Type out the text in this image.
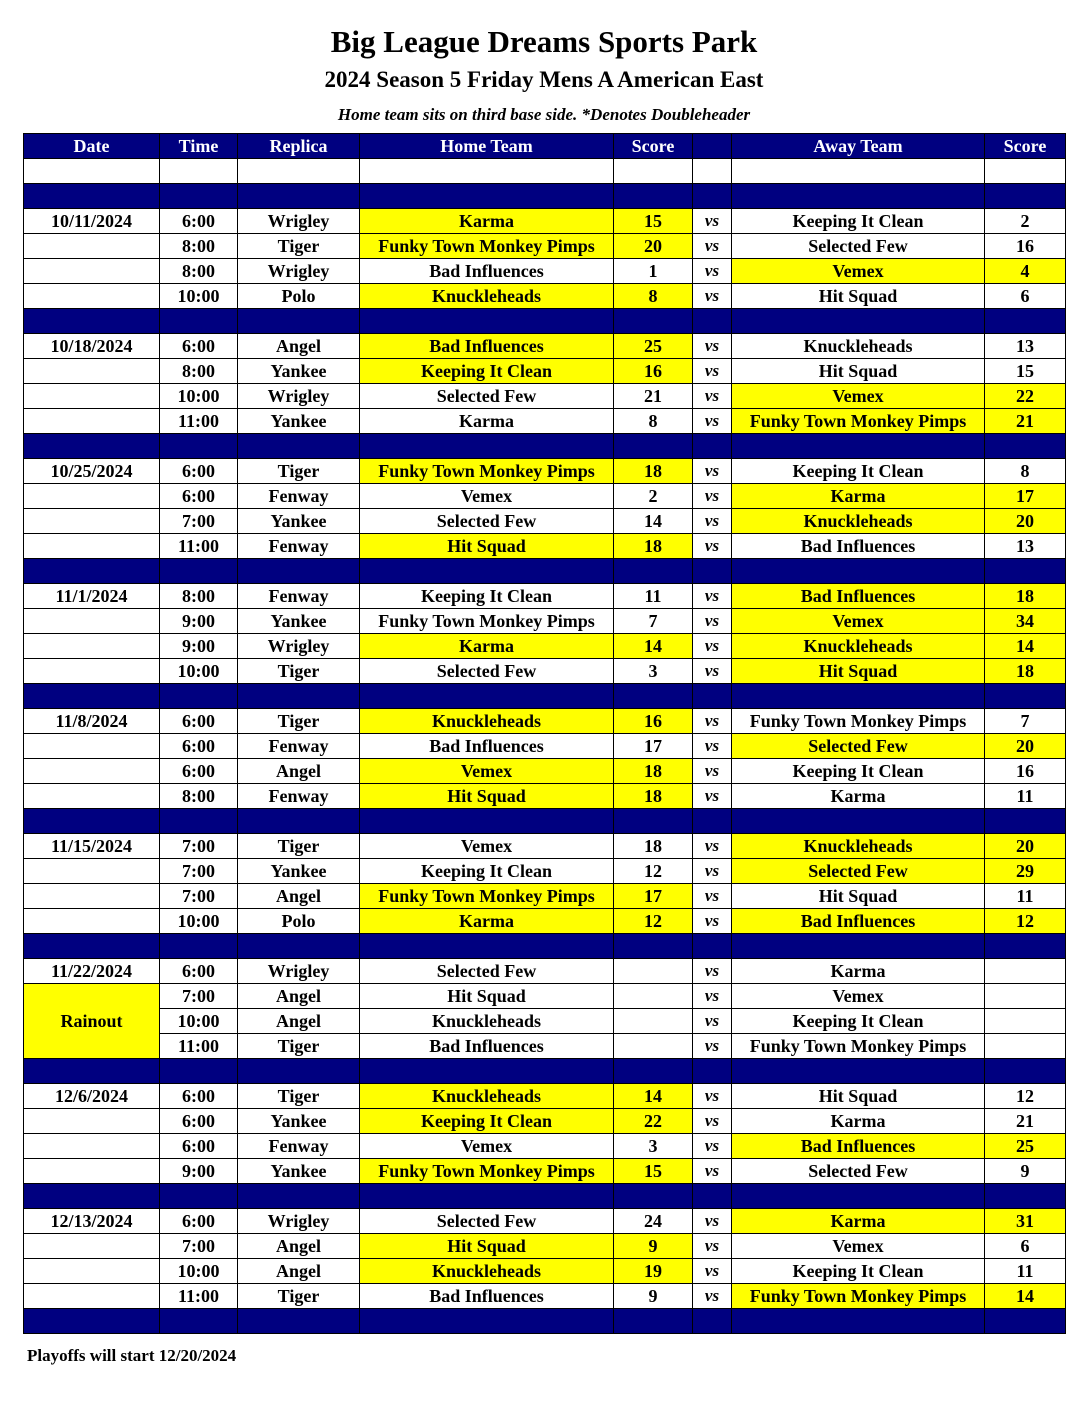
Big League Dreams Sports Park
2024 Season 5 Friday Mens A American East
Home team sits on third base side. *Denotes Doubleheader
Date	Time	Replica	Home Team	Score		Away Team	Score

10/11/2024	6:00	Wrigley	Karma	15	vs	Keeping It Clean	2
	8:00	Tiger	Funky Town Monkey Pimps	20	vs	Selected Few	16
	8:00	Wrigley	Bad Influences	1	vs	Vemex	4
	10:00	Polo	Knuckleheads	8	vs	Hit Squad	6

10/18/2024	6:00	Angel	Bad Influences	25	vs	Knuckleheads	13
	8:00	Yankee	Keeping It Clean	16	vs	Hit Squad	15
	10:00	Wrigley	Selected Few	21	vs	Vemex	22
	11:00	Yankee	Karma	8	vs	Funky Town Monkey Pimps	21

10/25/2024	6:00	Tiger	Funky Town Monkey Pimps	18	vs	Keeping It Clean	8
	6:00	Fenway	Vemex	2	vs	Karma	17
	7:00	Yankee	Selected Few	14	vs	Knuckleheads	20
	11:00	Fenway	Hit Squad	18	vs	Bad Influences	13

11/1/2024	8:00	Fenway	Keeping It Clean	11	vs	Bad Influences	18
	9:00	Yankee	Funky Town Monkey Pimps	7	vs	Vemex	34
	9:00	Wrigley	Karma	14	vs	Knuckleheads	14
	10:00	Tiger	Selected Few	3	vs	Hit Squad	18

11/8/2024	6:00	Tiger	Knuckleheads	16	vs	Funky Town Monkey Pimps	7
	6:00	Fenway	Bad Influences	17	vs	Selected Few	20
	6:00	Angel	Vemex	18	vs	Keeping It Clean	16
	8:00	Fenway	Hit Squad	18	vs	Karma	11

11/15/2024	7:00	Tiger	Vemex	18	vs	Knuckleheads	20
	7:00	Yankee	Keeping It Clean	12	vs	Selected Few	29
	7:00	Angel	Funky Town Monkey Pimps	17	vs	Hit Squad	11
	10:00	Polo	Karma	12	vs	Bad Influences	12

11/22/2024	6:00	Wrigley	Selected Few		vs	Karma	
Rainout	7:00	Angel	Hit Squad		vs	Vemex	
	10:00	Angel	Knuckleheads		vs	Keeping It Clean	
	11:00	Tiger	Bad Influences		vs	Funky Town Monkey Pimps	

12/6/2024	6:00	Tiger	Knuckleheads	14	vs	Hit Squad	12
	6:00	Yankee	Keeping It Clean	22	vs	Karma	21
	6:00	Fenway	Vemex	3	vs	Bad Influences	25
	9:00	Yankee	Funky Town Monkey Pimps	15	vs	Selected Few	9

12/13/2024	6:00	Wrigley	Selected Few	24	vs	Karma	31
	7:00	Angel	Hit Squad	9	vs	Vemex	6
	10:00	Angel	Knuckleheads	19	vs	Keeping It Clean	11
	11:00	Tiger	Bad Influences	9	vs	Funky Town Monkey Pimps	14

Playoffs will start 12/20/2024
